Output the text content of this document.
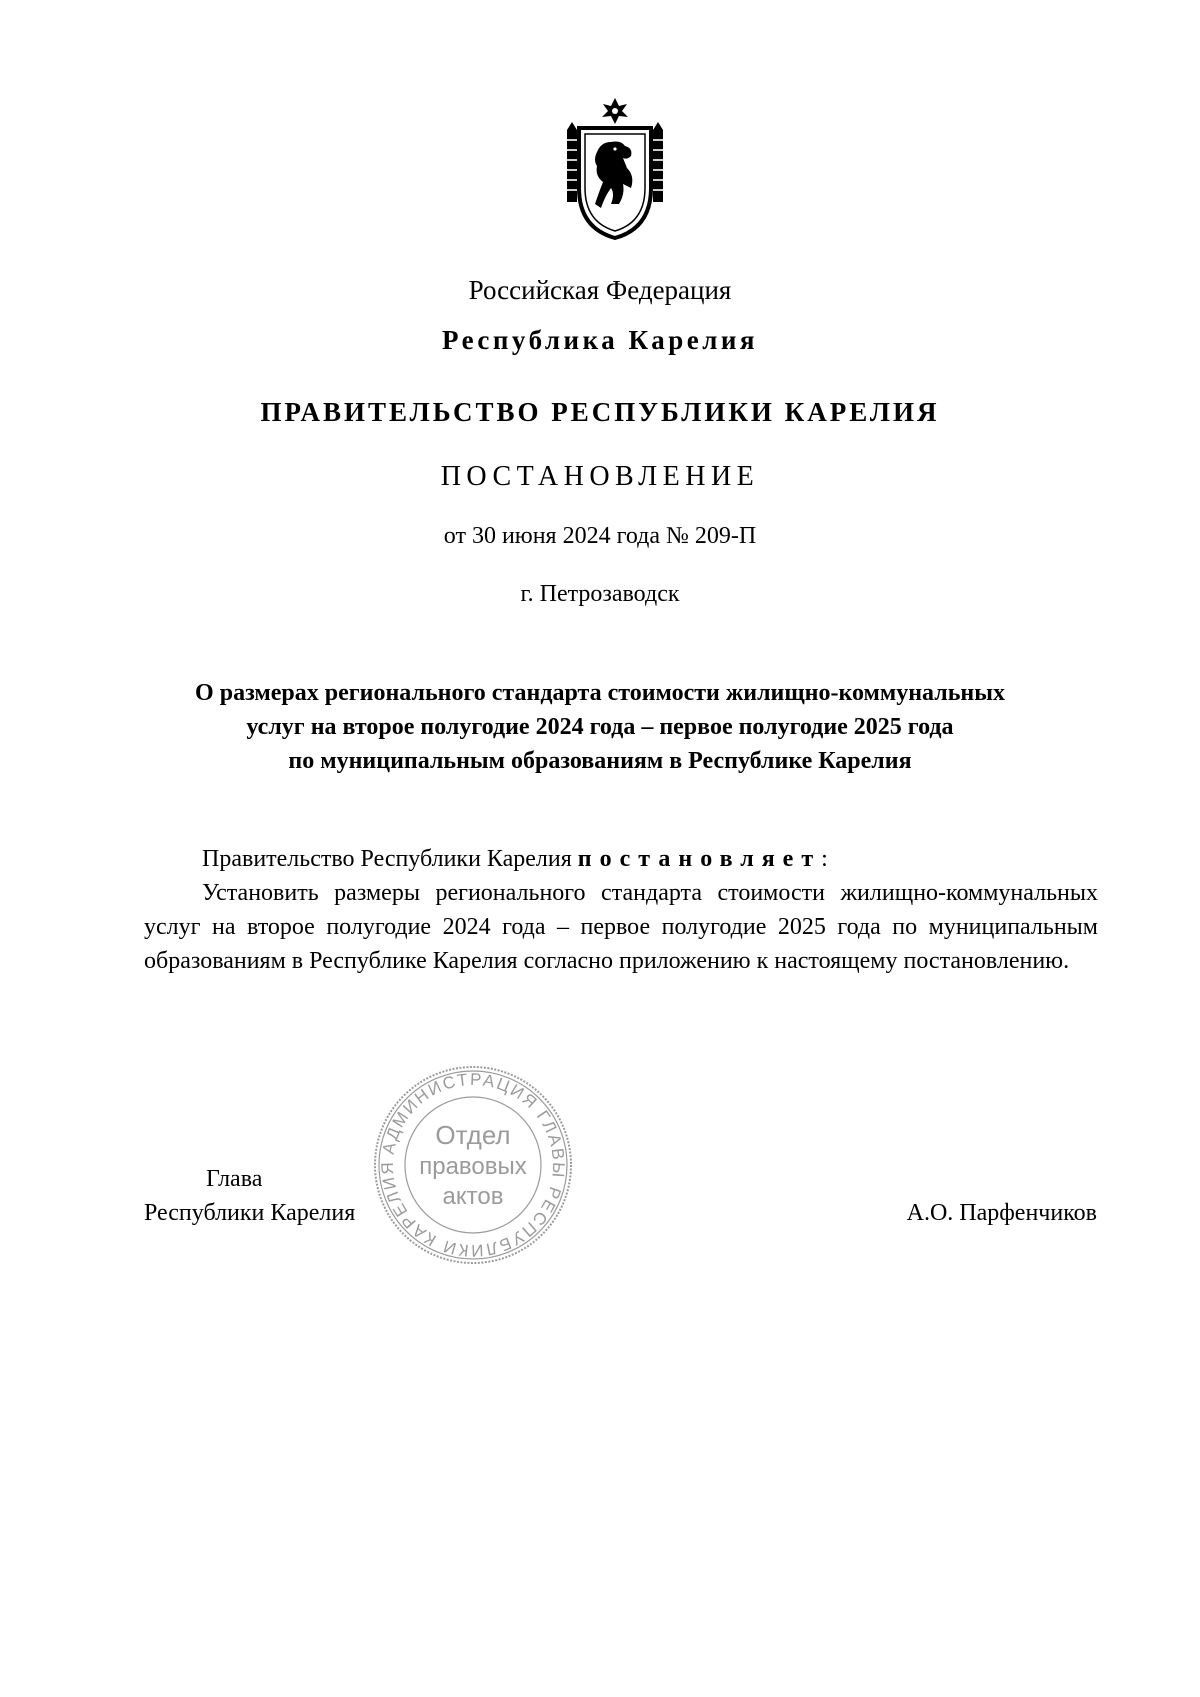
Российская Федерация
Республика Карелия
ПРАВИТЕЛЬСТВО РЕСПУБЛИКИ КАРЕЛИЯ
ПОСТАНОВЛЕНИЕ
от 30 июня 2024 года № 209-П
г. Петрозаводск
О размерах регионального стандарта стоимости жилищно-коммунальных
услуг на второе полугодие 2024 года – первое полугодие 2025 года
по муниципальным образованиям в Республике Карелия
Правительство Республики Карелия постановляет:
Установить размеры регионального стандарта стоимости жилищно-коммунальных услуг на второе полугодие 2024 года – первое полугодие 2025 года по муниципальным образованиям в Республике Карелия согласно приложению к настоящему постановлению.
Глава
Республики Карелия	А.О. Парфенчиков
АДМИНИСТРАЦИЯ ГЛАВЫ РЕСПУБЛИКИ КАРЕЛИЯ
Отдел
правовых
актов
